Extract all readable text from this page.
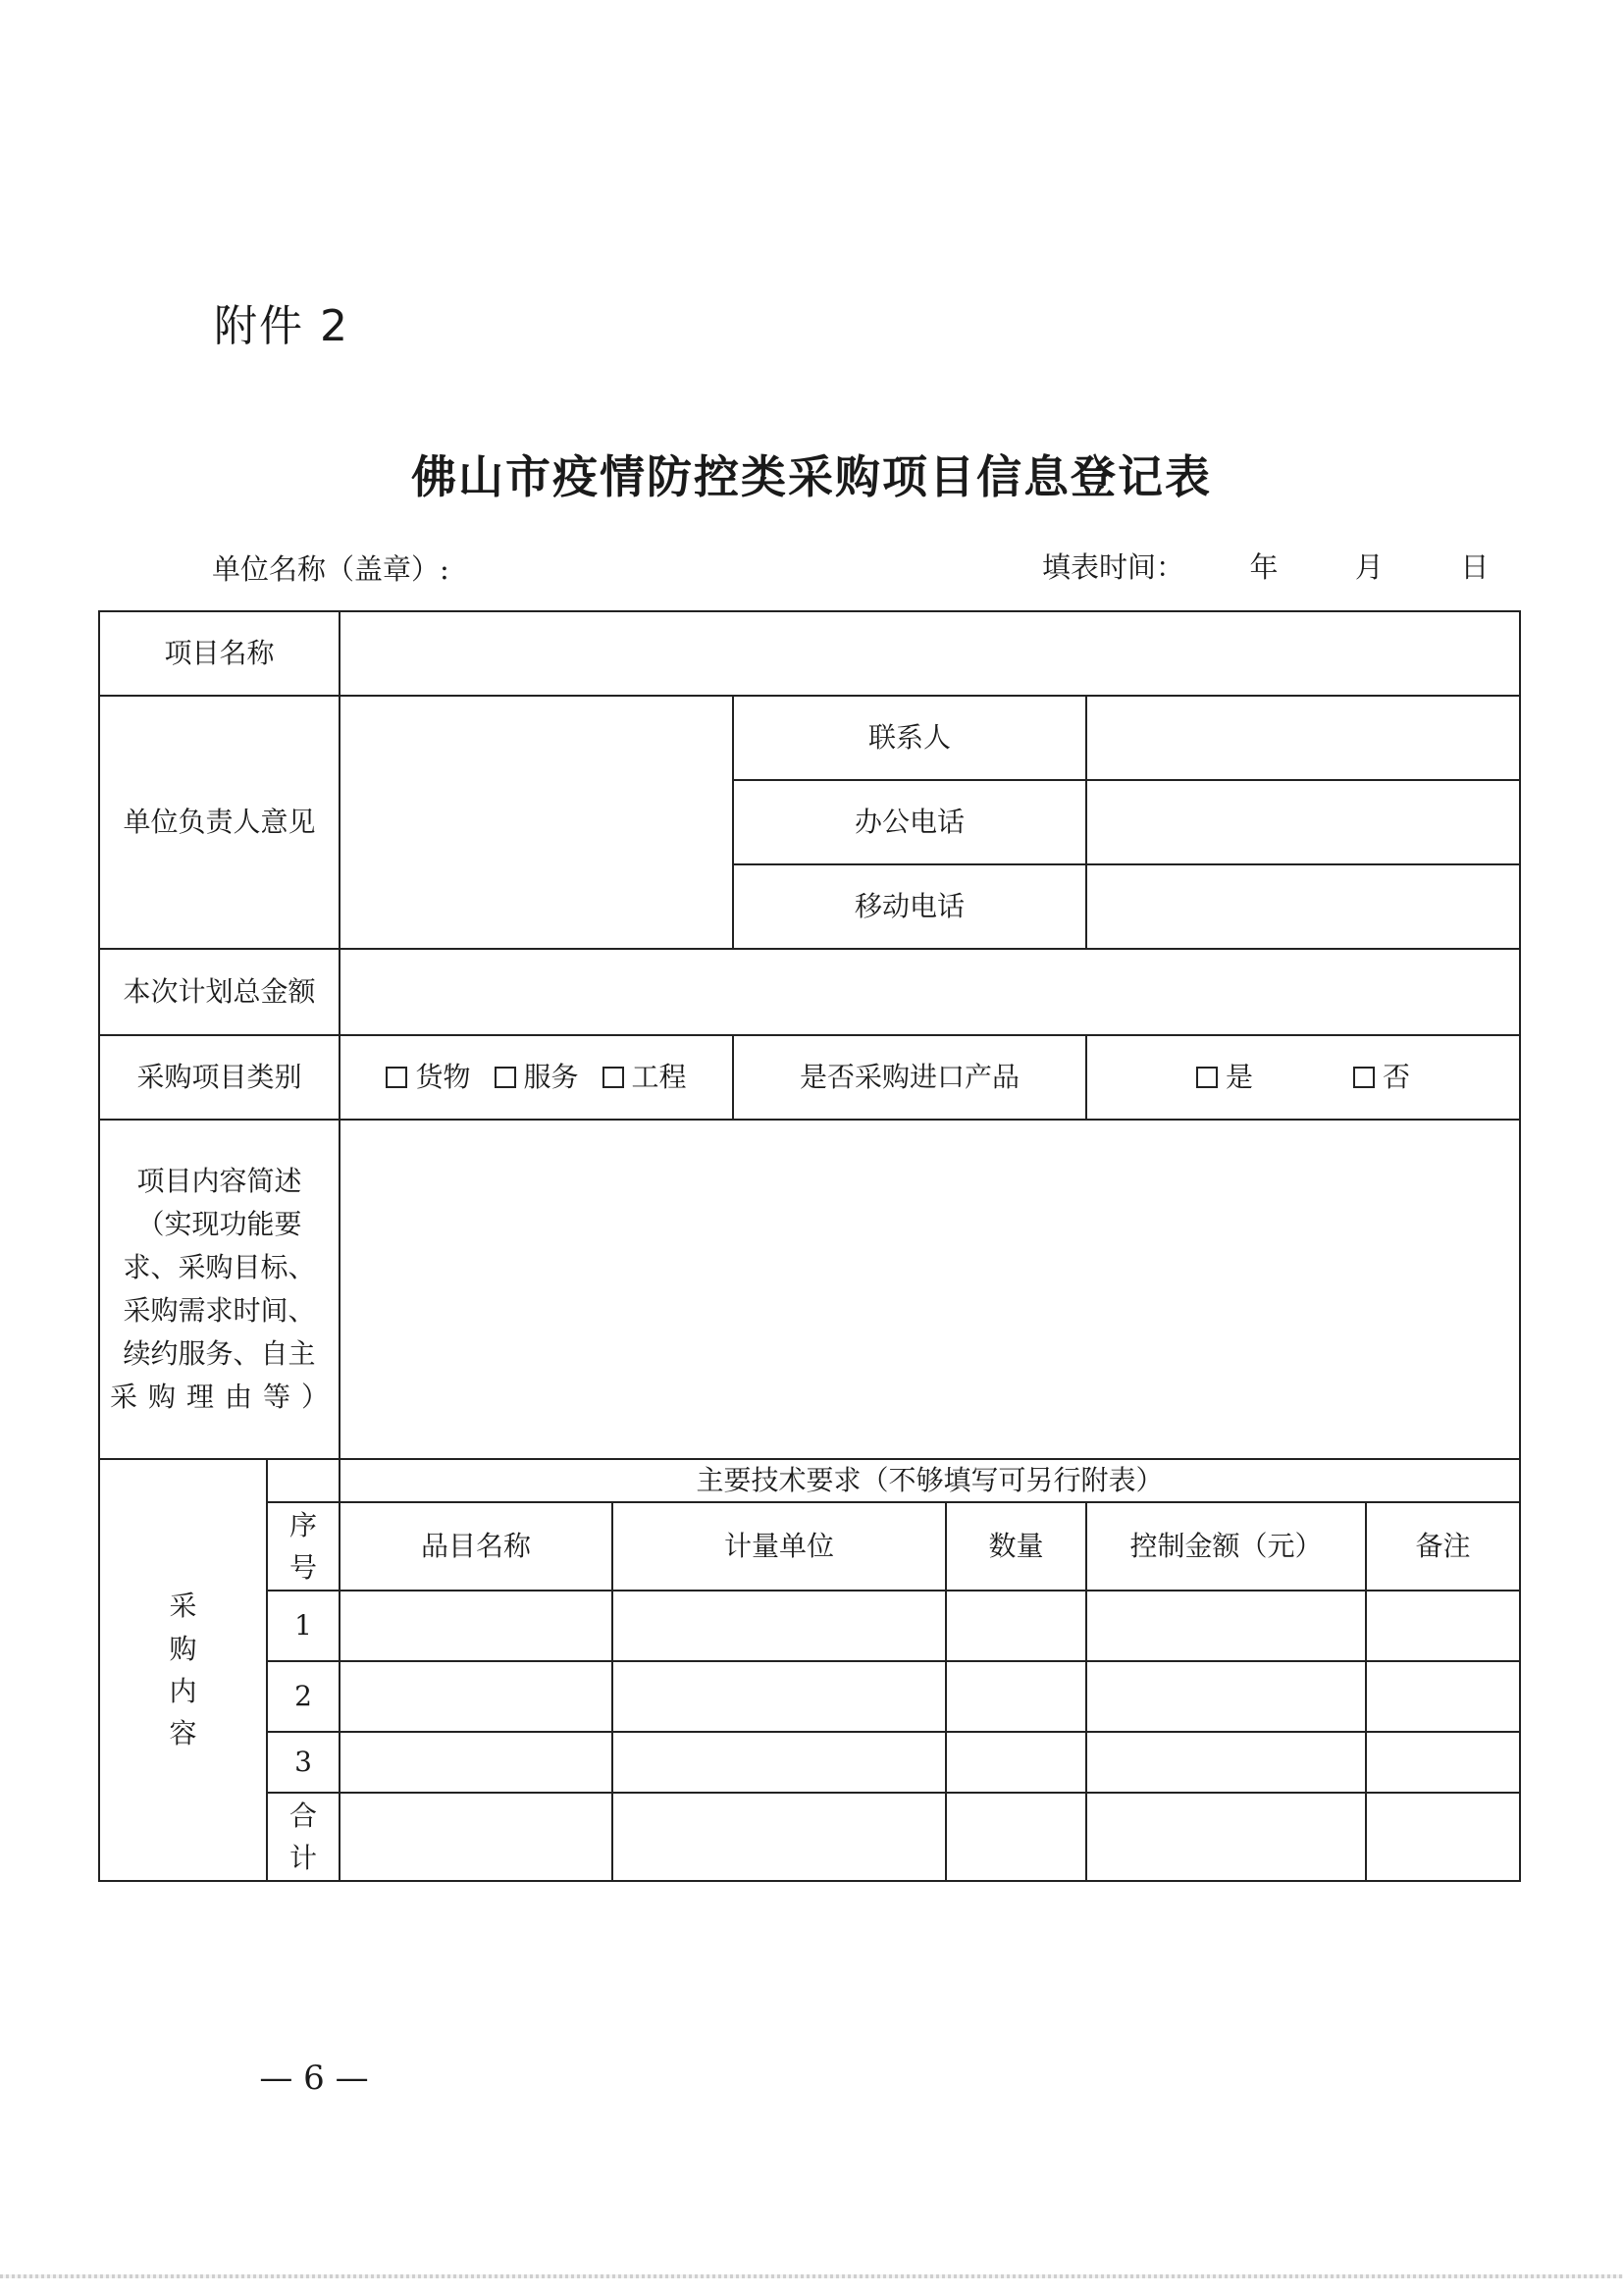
附件 2
佛山市疫情防控类采购项目信息登记表
单位名称（盖章）:	填表时间： 年	月	日
项目名称							
单位负责人意见				联系人			
				办公电话			
				移动电话			
本次计划总金额							
采购项目类别		货物 服务 工程		是否采购进口产品		是 否	
项目内容简述（实现功能要求、采购目标、采购需求时间、续约服务、自主采购理由等）							
采购内容		主要技术要求（不够填写可另行附表）					
	序号	品目名称	计量单位		数量	控制金额（元）	备注
	1						
	2						
	3						
	合计						
— 6 —
